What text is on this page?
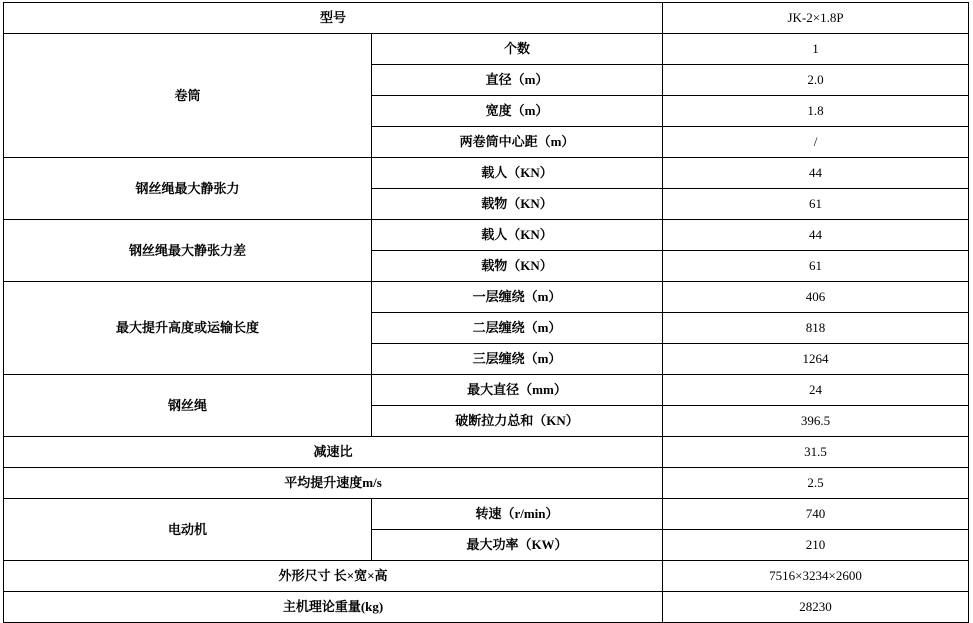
型号		JK-2×1.8P
卷筒	个数	1
	直径（m）	2.0
	宽度（m）	1.8
	两卷筒中心距（m）	/
钢丝绳最大静张力	载人（KN）	44
	载物（KN）	61
钢丝绳最大静张力差	载人（KN）	44
	载物（KN）	61
最大提升高度或运输长度	一层缠绕（m）	406
	二层缠绕（m）	818
	三层缠绕（m）	1264
钢丝绳	最大直径（mm）	24
	破断拉力总和（KN）	396.5
减速比		31.5
平均提升速度m/s		2.5
电动机	转速（r/min）	740
	最大功率（KW）	210
外形尺寸 长×宽×高		7516×3234×2600
主机理论重量(kg)		28230
